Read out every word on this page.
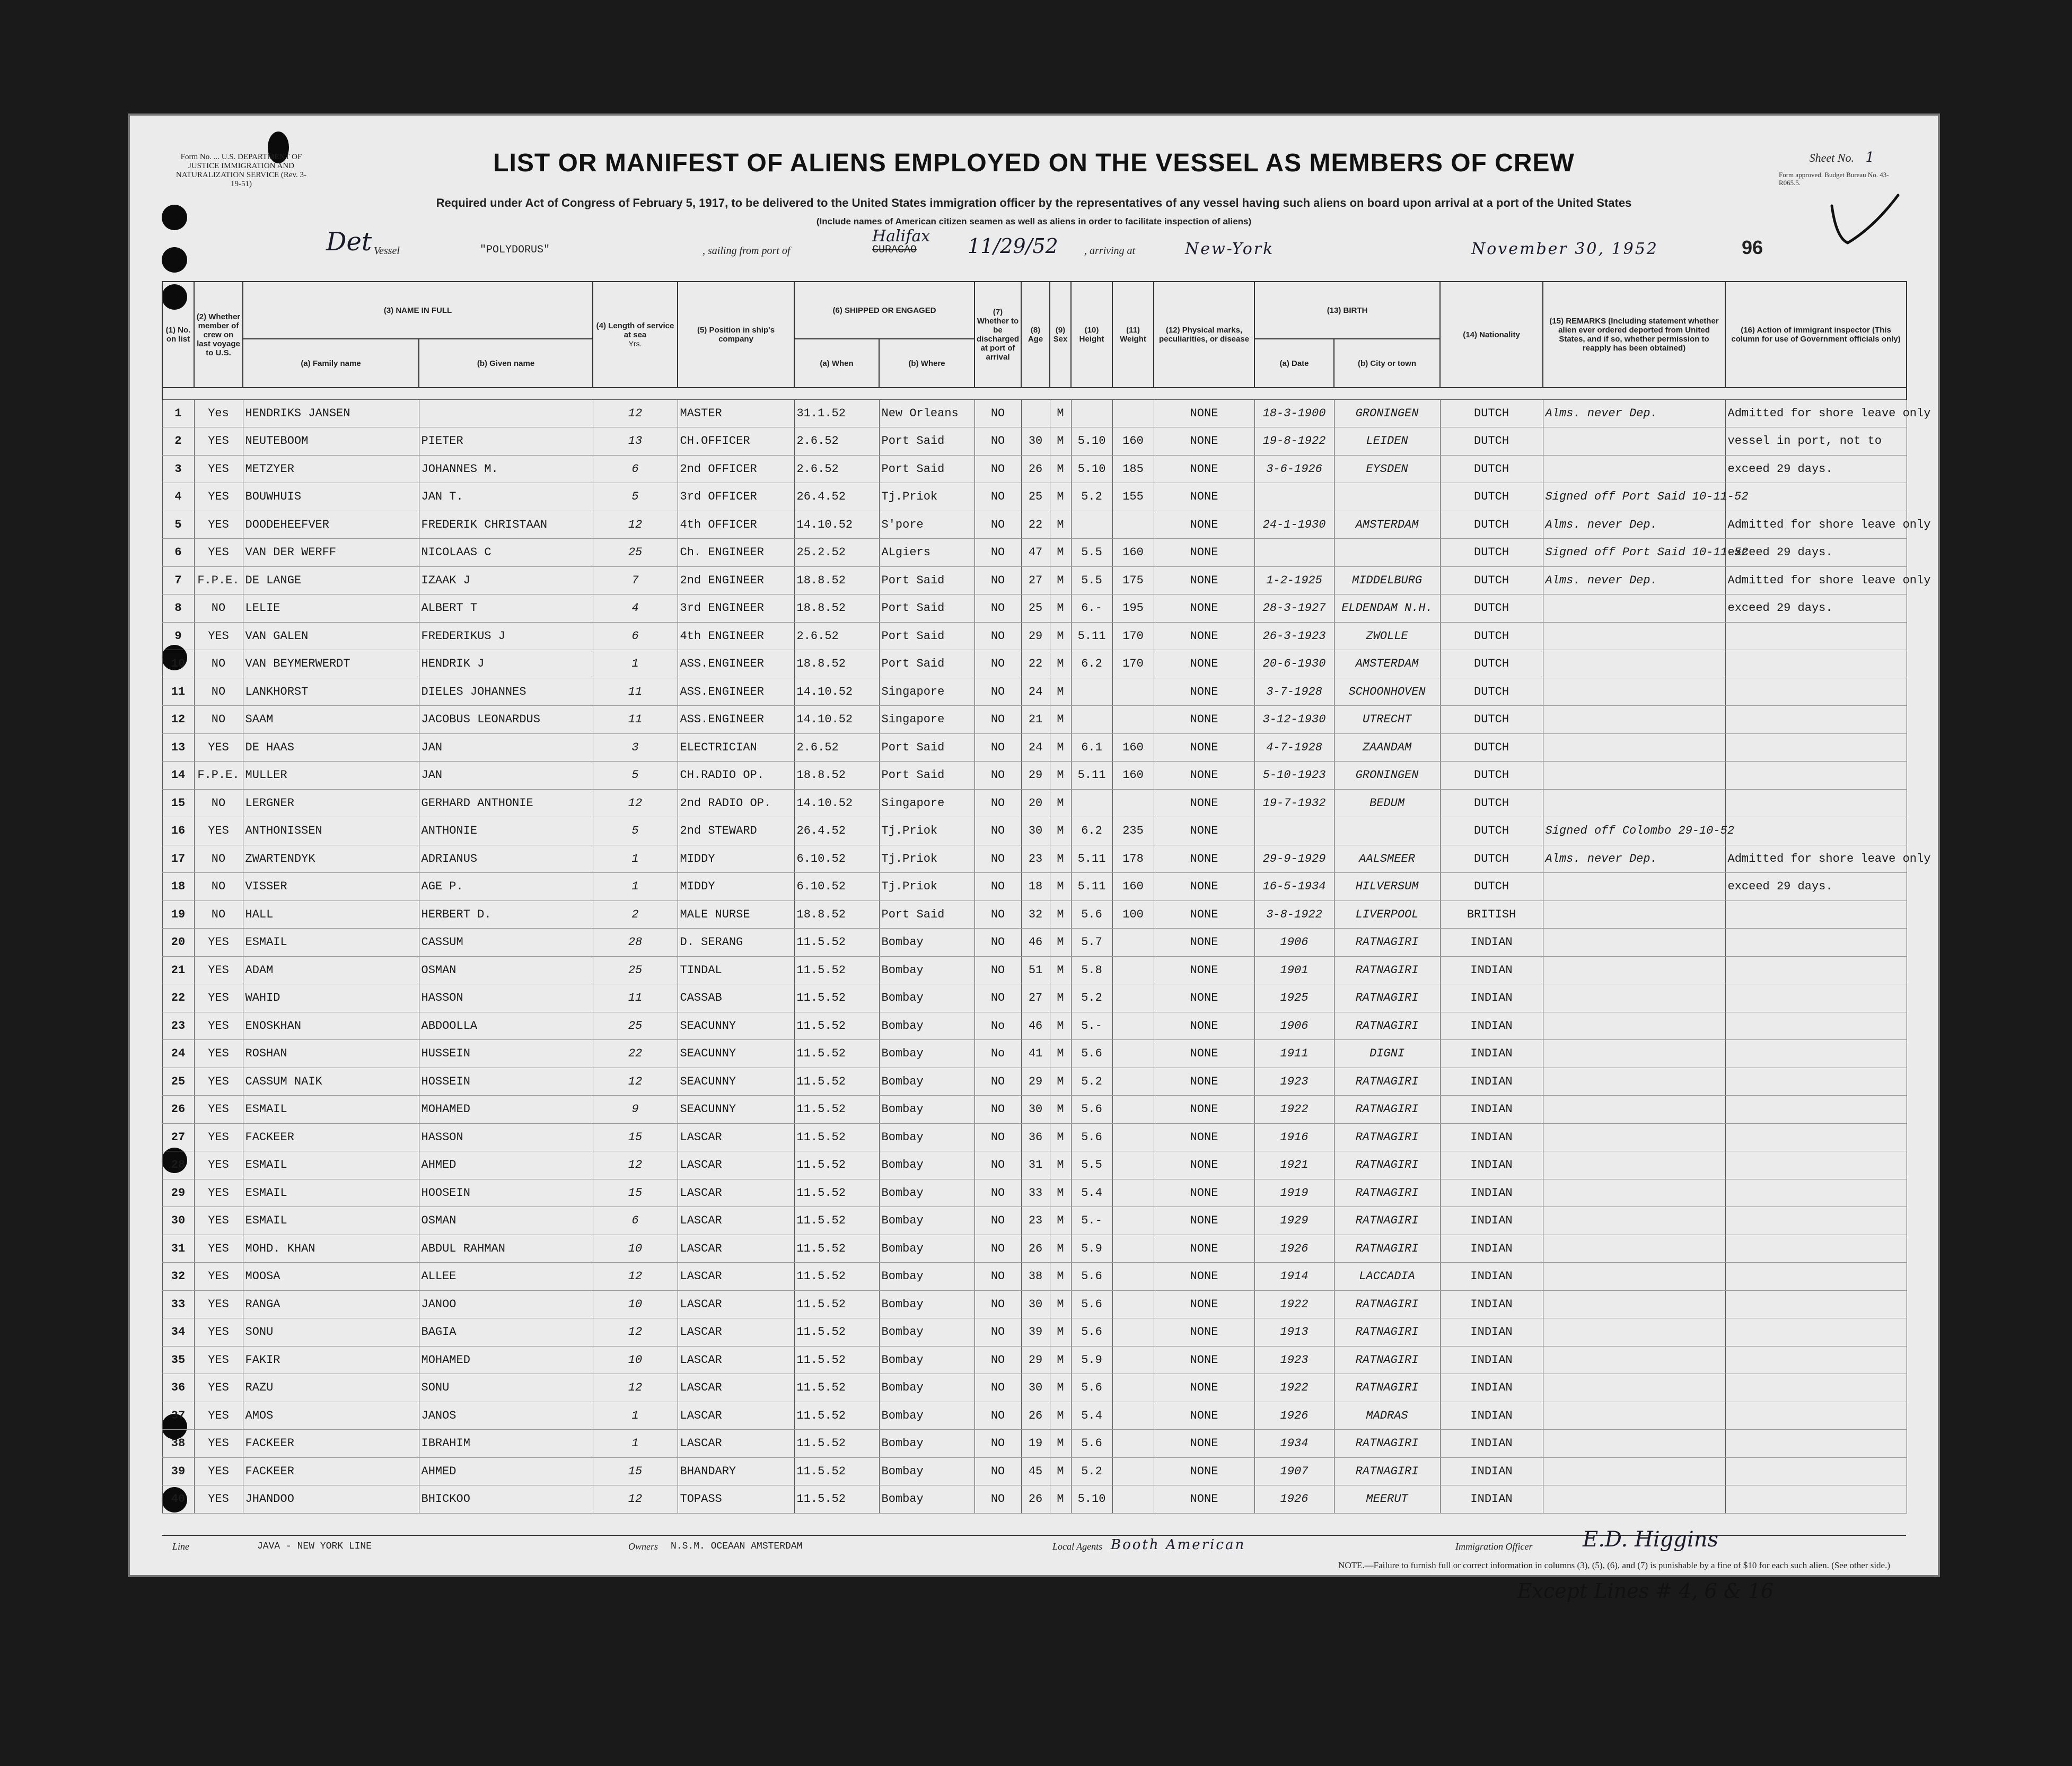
Form No. ... U.S. DEPARTMENT OF JUSTICE IMMIGRATION AND NATURALIZATION SERVICE (Rev. 3-19-51)
LIST OR MANIFEST OF ALIENS EMPLOYED ON THE VESSEL AS MEMBERS OF CREW	Sheet No. 1
Form approved. Budget Bureau No. 43-R065.5.
Required under Act of Congress of February 5, 1917, to be delivered to the United States immigration officer by the representatives of any vessel having such aliens on board upon arrival at a port of the United States
(Include names of American citizen seamen as well as aliens in order to facilitate inspection of aliens)
Det Vessel	"POLYDORUS"	, sailing from port of
Halifax
CURACAO	11/29/52 , arriving at	New-York	November 30, 1952	96
(1) No. on list	(2) Whether member of crew on last voyage to U.S.	(3) NAME IN FULL		(4) Length of service at sea
Yrs.	(5) Position in ship's company	(6) SHIPPED OR ENGAGED		(7) Whether to be discharged at port of arrival	(8) Age	(9) Sex	(10) Height	(11) Weight	(12) Physical marks, peculiarities, or disease	(13) BIRTH		(14) Nationality	(15) REMARKS (Including statement whether alien ever ordered deported from United States, and if so, whether permission to reapply has been obtained)	(16) Action of immigrant inspector (This column for use of Government officials only)
		(a) Family name	(b) Given name			(a) When	(b) Where							(a) Date	(b) City or town			

1	Yes	HENDRIKS JANSEN		12	MASTER	31.1.52	New Orleans	NO		M			NONE	18-3-1900	GRONINGEN	DUTCH	Alms. never Dep.	Admitted for shore leave only
2	YES	NEUTEBOOM	PIETER	13	CH.OFFICER	2.6.52	Port Said	NO	30	M	5.10	160	NONE	19-8-1922	LEIDEN	DUTCH		vessel in port, not to
3	YES	METZYER	JOHANNES M.	6	2nd OFFICER	2.6.52	Port Said	NO	26	M	5.10	185	NONE	3-6-1926	EYSDEN	DUTCH		exceed 29 days.
4	YES	BOUWHUIS	JAN T.	5	3rd OFFICER	26.4.52	Tj.Priok	NO	25	M	5.2	155	NONE			DUTCH	Signed off Port Said 10-11-52	
5	YES	DOODEHEEFVER	FREDERIK CHRISTAAN	12	4th OFFICER	14.10.52	S'pore	NO	22	M			NONE	24-1-1930	AMSTERDAM	DUTCH	Alms. never Dep.	Admitted for shore leave only
6	YES	VAN DER WERFF	NICOLAAS C	25	Ch. ENGINEER	25.2.52	ALgiers	NO	47	M	5.5	160	NONE			DUTCH	Signed off Port Said 10-11-52	exceed 29 days.
7	F.P.E.	DE LANGE	IZAAK J	7	2nd ENGINEER	18.8.52	Port Said	NO	27	M	5.5	175	NONE	1-2-1925	MIDDELBURG	DUTCH	Alms. never Dep.	Admitted for shore leave only
8	NO	LELIE	ALBERT T	4	3rd ENGINEER	18.8.52	Port Said	NO	25	M	6.-	195	NONE	28-3-1927	ELDENDAM N.H.	DUTCH		exceed 29 days.
9	YES	VAN GALEN	FREDERIKUS J	6	4th ENGINEER	2.6.52	Port Said	NO	29	M	5.11	170	NONE	26-3-1923	ZWOLLE	DUTCH		
10	NO	VAN BEYMERWERDT	HENDRIK J	1	ASS.ENGINEER	18.8.52	Port Said	NO	22	M	6.2	170	NONE	20-6-1930	AMSTERDAM	DUTCH		
11	NO	LANKHORST	DIELES JOHANNES	11	ASS.ENGINEER	14.10.52	Singapore	NO	24	M			NONE	3-7-1928	SCHOONHOVEN	DUTCH		
12	NO	SAAM	JACOBUS LEONARDUS	11	ASS.ENGINEER	14.10.52	Singapore	NO	21	M			NONE	3-12-1930	UTRECHT	DUTCH		
13	YES	DE HAAS	JAN	3	ELECTRICIAN	2.6.52	Port Said	NO	24	M	6.1	160	NONE	4-7-1928	ZAANDAM	DUTCH		
14	F.P.E.	MULLER	JAN	5	CH.RADIO OP.	18.8.52	Port Said	NO	29	M	5.11	160	NONE	5-10-1923	GRONINGEN	DUTCH		
15	NO	LERGNER	GERHARD ANTHONIE	12	2nd RADIO OP.	14.10.52	Singapore	NO	20	M			NONE	19-7-1932	BEDUM	DUTCH		
16	YES	ANTHONISSEN	ANTHONIE	5	2nd STEWARD	26.4.52	Tj.Priok	NO	30	M	6.2	235	NONE			DUTCH	Signed off Colombo 29-10-52	
17	NO	ZWARTENDYK	ADRIANUS	1	MIDDY	6.10.52	Tj.Priok	NO	23	M	5.11	178	NONE	29-9-1929	AALSMEER	DUTCH	Alms. never Dep.	Admitted for shore leave only
18	NO	VISSER	AGE P.	1	MIDDY	6.10.52	Tj.Priok	NO	18	M	5.11	160	NONE	16-5-1934	HILVERSUM	DUTCH		exceed 29 days.
19	NO	HALL	HERBERT D.	2	MALE NURSE	18.8.52	Port Said	NO	32	M	5.6	100	NONE	3-8-1922	LIVERPOOL	BRITISH		
20	YES	ESMAIL	CASSUM	28	D. SERANG	11.5.52	Bombay	NO	46	M	5.7		NONE	1906	RATNAGIRI	INDIAN		
21	YES	ADAM	OSMAN	25	TINDAL	11.5.52	Bombay	NO	51	M	5.8		NONE	1901	RATNAGIRI	INDIAN		
22	YES	WAHID	HASSON	11	CASSAB	11.5.52	Bombay	NO	27	M	5.2		NONE	1925	RATNAGIRI	INDIAN		
23	YES	ENOSKHAN	ABDOOLLA	25	SEACUNNY	11.5.52	Bombay	No	46	M	5.-		NONE	1906	RATNAGIRI	INDIAN		
24	YES	ROSHAN	HUSSEIN	22	SEACUNNY	11.5.52	Bombay	No	41	M	5.6		NONE	1911	DIGNI	INDIAN		
25	YES	CASSUM NAIK	HOSSEIN	12	SEACUNNY	11.5.52	Bombay	NO	29	M	5.2		NONE	1923	RATNAGIRI	INDIAN		
26	YES	ESMAIL	MOHAMED	9	SEACUNNY	11.5.52	Bombay	NO	30	M	5.6		NONE	1922	RATNAGIRI	INDIAN		
27	YES	FACKEER	HASSON	15	LASCAR	11.5.52	Bombay	NO	36	M	5.6		NONE	1916	RATNAGIRI	INDIAN		
28	YES	ESMAIL	AHMED	12	LASCAR	11.5.52	Bombay	NO	31	M	5.5		NONE	1921	RATNAGIRI	INDIAN		
29	YES	ESMAIL	HOOSEIN	15	LASCAR	11.5.52	Bombay	NO	33	M	5.4		NONE	1919	RATNAGIRI	INDIAN		
30	YES	ESMAIL	OSMAN	6	LASCAR	11.5.52	Bombay	NO	23	M	5.-		NONE	1929	RATNAGIRI	INDIAN		
31	YES	MOHD. KHAN	ABDUL RAHMAN	10	LASCAR	11.5.52	Bombay	NO	26	M	5.9		NONE	1926	RATNAGIRI	INDIAN		
32	YES	MOOSA	ALLEE	12	LASCAR	11.5.52	Bombay	NO	38	M	5.6		NONE	1914	LACCADIA	INDIAN		
33	YES	RANGA	JANOO	10	LASCAR	11.5.52	Bombay	NO	30	M	5.6		NONE	1922	RATNAGIRI	INDIAN		
34	YES	SONU	BAGIA	12	LASCAR	11.5.52	Bombay	NO	39	M	5.6		NONE	1913	RATNAGIRI	INDIAN		
35	YES	FAKIR	MOHAMED	10	LASCAR	11.5.52	Bombay	NO	29	M	5.9		NONE	1923	RATNAGIRI	INDIAN		
36	YES	RAZU	SONU	12	LASCAR	11.5.52	Bombay	NO	30	M	5.6		NONE	1922	RATNAGIRI	INDIAN		
37	YES	AMOS	JANOS	1	LASCAR	11.5.52	Bombay	NO	26	M	5.4		NONE	1926	MADRAS	INDIAN		
38	YES	FACKEER	IBRAHIM	1	LASCAR	11.5.52	Bombay	NO	19	M	5.6		NONE	1934	RATNAGIRI	INDIAN		
39	YES	FACKEER	AHMED	15	BHANDARY	11.5.52	Bombay	NO	45	M	5.2		NONE	1907	RATNAGIRI	INDIAN		
40	YES	JHANDOO	BHICKOO	12	TOPASS	11.5.52	Bombay	NO	26	M	5.10		NONE	1926	MEERUT	INDIAN		
Line	JAVA - NEW YORK LINE	Owners N.S.M. OCEAAN AMSTERDAM	Local Agents Booth American	Immigration Officer E.D. Higgins
NOTE.—Failure to furnish full or correct information in columns (3), (5), (6), and (7) is punishable by a fine of $10 for each such alien. (See other side.)
Except Lines # 4, 6 & 16
